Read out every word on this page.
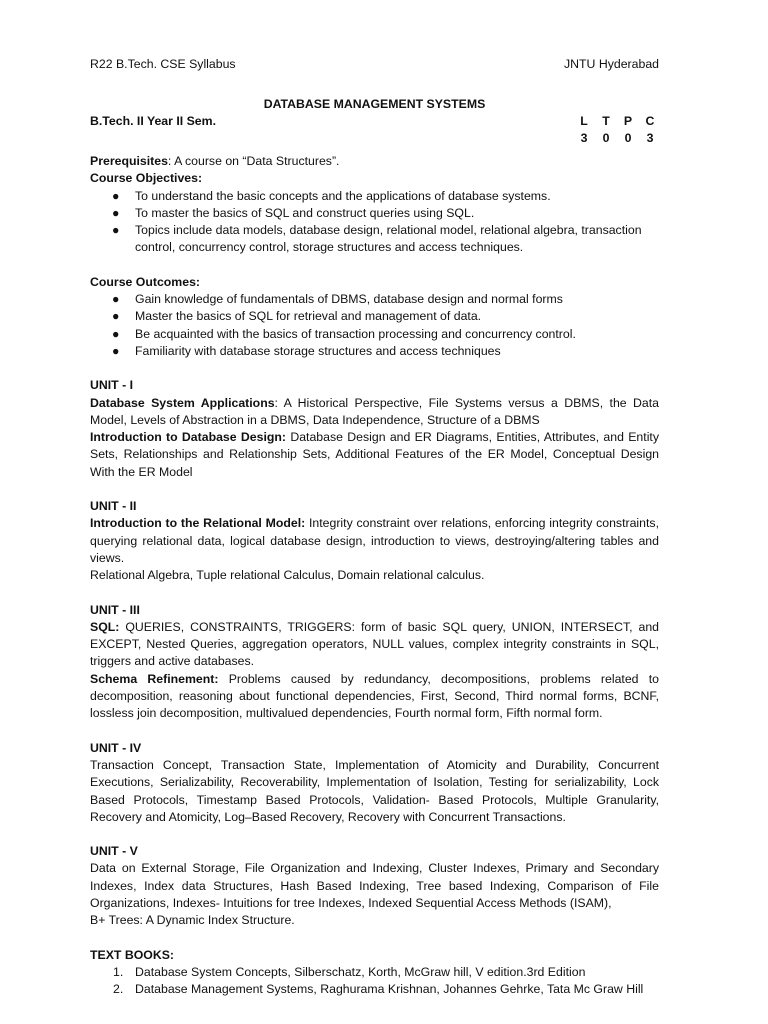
R22 B.Tech. CSE Syllabus	JNTU Hyderabad
DATABASE MANAGEMENT SYSTEMS
B.Tech. II Year II Sem.	L T P C
3 0 0 3

Prerequisites: A course on “Data Structures”.

Course Objectives:

● To understand the basic concepts and the applications of database systems.
● To master the basics of SQL and construct queries using SQL.
● Topics include data models, database design, relational model, relational algebra, transaction control, concurrency control, storage structures and access techniques.

Course Outcomes:

● Gain knowledge of fundamentals of DBMS, database design and normal forms
● Master the basics of SQL for retrieval and management of data.
● Be acquainted with the basics of transaction processing and concurrency control.
● Familiarity with database storage structures and access techniques

UNIT - I

Database System Applications: A Historical Perspective, File Systems versus a DBMS, the Data Model, Levels of Abstraction in a DBMS, Data Independence, Structure of a DBMS

Introduction to Database Design: Database Design and ER Diagrams, Entities, Attributes, and Entity Sets, Relationships and Relationship Sets, Additional Features of the ER Model, Conceptual Design With the ER Model

UNIT - II

Introduction to the Relational Model: Integrity constraint over relations, enforcing integrity constraints, querying relational data, logical database design, introduction to views, destroying/altering tables and views.

Relational Algebra, Tuple relational Calculus, Domain relational calculus.

UNIT - III

SQL: QUERIES, CONSTRAINTS, TRIGGERS: form of basic SQL query, UNION, INTERSECT, and EXCEPT, Nested Queries, aggregation operators, NULL values, complex integrity constraints in SQL, triggers and active databases.

Schema Refinement: Problems caused by redundancy, decompositions, problems related to decomposition, reasoning about functional dependencies, First, Second, Third normal forms, BCNF, lossless join decomposition, multivalued dependencies, Fourth normal form, Fifth normal form.

UNIT - IV

Transaction Concept, Transaction State, Implementation of Atomicity and Durability, Concurrent Executions, Serializability, Recoverability, Implementation of Isolation, Testing for serializability, Lock Based Protocols, Timestamp Based Protocols, Validation- Based Protocols, Multiple Granularity, Recovery and Atomicity, Log–Based Recovery, Recovery with Concurrent Transactions.

UNIT - V

Data on External Storage, File Organization and Indexing, Cluster Indexes, Primary and Secondary Indexes, Index data Structures, Hash Based Indexing, Tree based Indexing, Comparison of File Organizations, Indexes- Intuitions for tree Indexes, Indexed Sequential Access Methods (ISAM),

B+ Trees: A Dynamic Index Structure.

TEXT BOOKS:

1. Database System Concepts, Silberschatz, Korth, McGraw hill, V edition.3rd Edition
2. Database Management Systems, Raghurama Krishnan, Johannes Gehrke, Tata Mc Graw Hill
